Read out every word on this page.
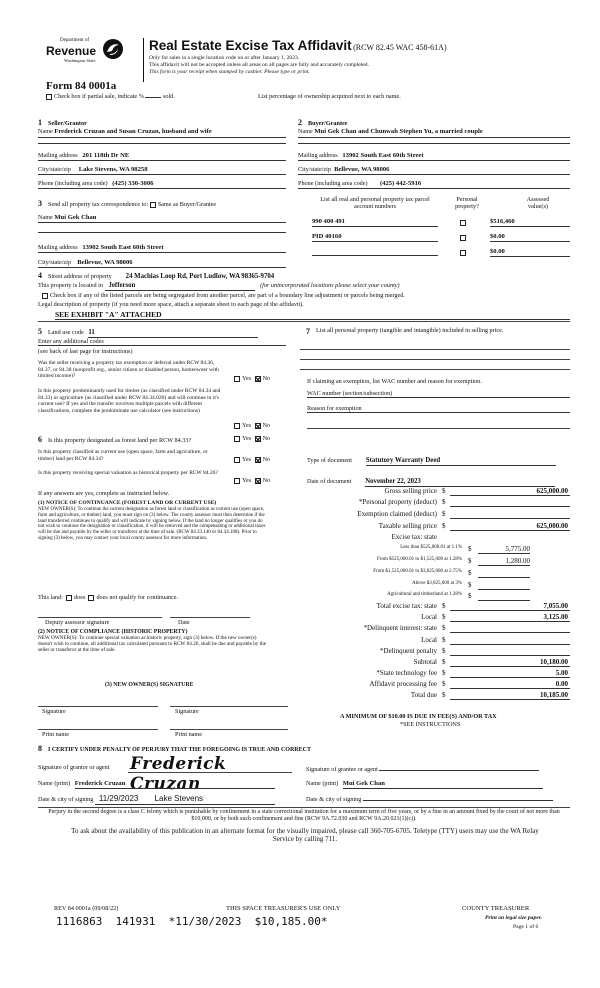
Department of
Revenue
Washington State
Form 84 0001a
Real Estate Excise Tax Affidavit (RCW 82.45 WAC 458-61A)
Only for sales in a single location code on or after January 1, 2023.
This affidavit will not be accepted unless all areas on all pages are fully and accurately completed.
This form is your receipt when stamped by cashier. Please type or print.
Check box if partial sale, indicate %	sold.	List percentage of ownership acquired next to each name.
1 Seller/Grantor
Name Frederick Cruzan and Susan Cruzan, husband and wife
Mailing address 201 118th Dr NE
City/state/zip Lake Stevens, WA 98258
Phone (including area code) (425) 330-3006
2 Buyer/Grantee
Name Mui Gek Chan and Chunwah Stephen Yu, a married couple
Mailing address 13902 South East 60th Street
City/state/zip Bellevue, WA 98006
Phone (including area code) (425) 442-5916
3 Send all property tax correspondence to: Same as Buyer/Grantee
Name Mui Gek Chan
Mailing address 13902 South East 60th Street
City/state/zip Bellevue, WA 98006
List all real and personal property tax parcel account numbers
Personal property?
Assessed value(s)
990 400 491	$516,460
PID 40160	$0.00
$0.00
4 Street address of property 24 Machias Loop Rd, Port Ludlow, WA 98365-9704
This property is located in Jefferson	(for unincorporated locations please select your county)
Check box if any of the listed parcels are being segregated from another parcel, are part of a boundary line adjustment or parcels being merged.
Legal description of property (if you need more space, attach a separate sheet to each page of the affidavit).
SEE EXHIBIT "A" ATTACHED
5 Land use code 11
Enter any additional codes
(see back of last page for instructions)
Was the seller receiving a property tax exemption or deferral under RCW 84.36, 84.37, or 84.38 (nonprofit org., senior citizen or disabled person, homeowner with limited income)?	Yes No
Is this property predominantly used for timber (as classified under RCW 84.34 and 84.33) or agriculture (as classified under RCW 84.34.020) and will continue in it's current use? If yes and the transfer involves multiple parcels with different classifications, complete the predominate use calculator (see instructions)
Yes No
6 Is this property designated as forest land per RCW 84.33?	Yes No
Is this property classified as current use (open space, farm and agriculture, or timber) land per RCW 84.34?	Yes No
Is this property receiving special valuation as historical property per RCW 84.26?
Yes No
If any answers are yes, complete as instructed below.
(1) NOTICE OF CONTINUANCE (FOREST LAND OR CURRENT USE)
NEW OWNER(S): To continue the current designation as forest land or classification as current use (open space, farm and agriculture, or timber) land, you must sign on (3) below. The county assessor must then determine if the land transferred continues to qualify and will indicate by signing below. If the land no longer qualifies or you do not wish to continue the designation or classification, it will be removed and the compensating or additional taxes will be due and payable by the seller or transferor at the time of sale. (RCW 84.33.140 or 84.34.108). Prior to signing (3) below, you may contact your local county assessor for more information.
This land: does does not qualify for continuance.
Deputy assessor signature	Date
(2) NOTICE OF COMPLIANCE (HISTORIC PROPERTY)
NEW OWNER(S): To continue special valuation as historic property, sign (3) below. If the new owner(s) doesn't wish to continue, all additional tax calculated pursuant to RCW 84.26, shall be due and payable by the seller or transferor at the time of sale.
(3) NEW OWNER(S) SIGNATURE
Signature	Signature
Print name	Print name
7 List all personal property (tangible and intangible) included in selling price.
If claiming an exemption, list WAC number and reason for exemption.
WAC number (section/subsection)
Reason for exemption
Type of document Statutory Warranty Deed
Date of document November 22, 2023
Gross selling price $	625,000.00
*Personal property (deduct) $
Exemption claimed (deduct) $
Taxable selling price $	625,000.00
Excise tax: state
Less than $525,000.01 at 1.1% $	5,775.00
From $525,000.01 to $1,525,000 at 1.28% $	1,280.00
From $1,525,000.01 to $3,025,000 at 2.75% $
Above $3,025,000 at 3% $
Agricultural and timberland at 1.28% $
Total excise tax: state $	7,055.00
Local $	3,125.00
*Delinquent interest: state $
Local $
*Delinquent penalty $
Subtotal $	10,180.00
*State technology fee $	5.00
Affidavit processing fee $	0.00
Total due $	10,185.00
A MINIMUM OF $10.00 IS DUE IN FEE(S) AND/OR TAX
*SEE INSTRUCTIONS
8 I CERTIFY UNDER PENALTY OF PERJURY THAT THE FOREGOING IS TRUE AND CORRECT
Signature of grantor or agent Frederick Cruzan
Name (print) Frederick Cruzan
Date & city of signing 11/29/2023 Lake Stevens
Signature of grantee or agent
Name (print) Mui Gek Chan
Date & city of signing
Perjury in the second degree is a class C felony which is punishable by confinement in a state correctional institution for a maximum term of five years, or by a fine in an amount fixed by the court of not more than $10,000, or by both such confinement and fine (RCW 9A.72.030 and RCW 9A.20.021(1)(c)).
To ask about the availability of this publication in an alternate format for the visually impaired, please call 360-705-6705. Teletype (TTY) users may use the WA Relay Service by calling 711.
REV 84 0001a (09/08/22)	THIS SPACE TREASURER'S USE ONLY	COUNTY TREASURER
Print on legal size paper.
Page 1 of 6
1116863  141931  *11/30/2023  $10,185.00*
